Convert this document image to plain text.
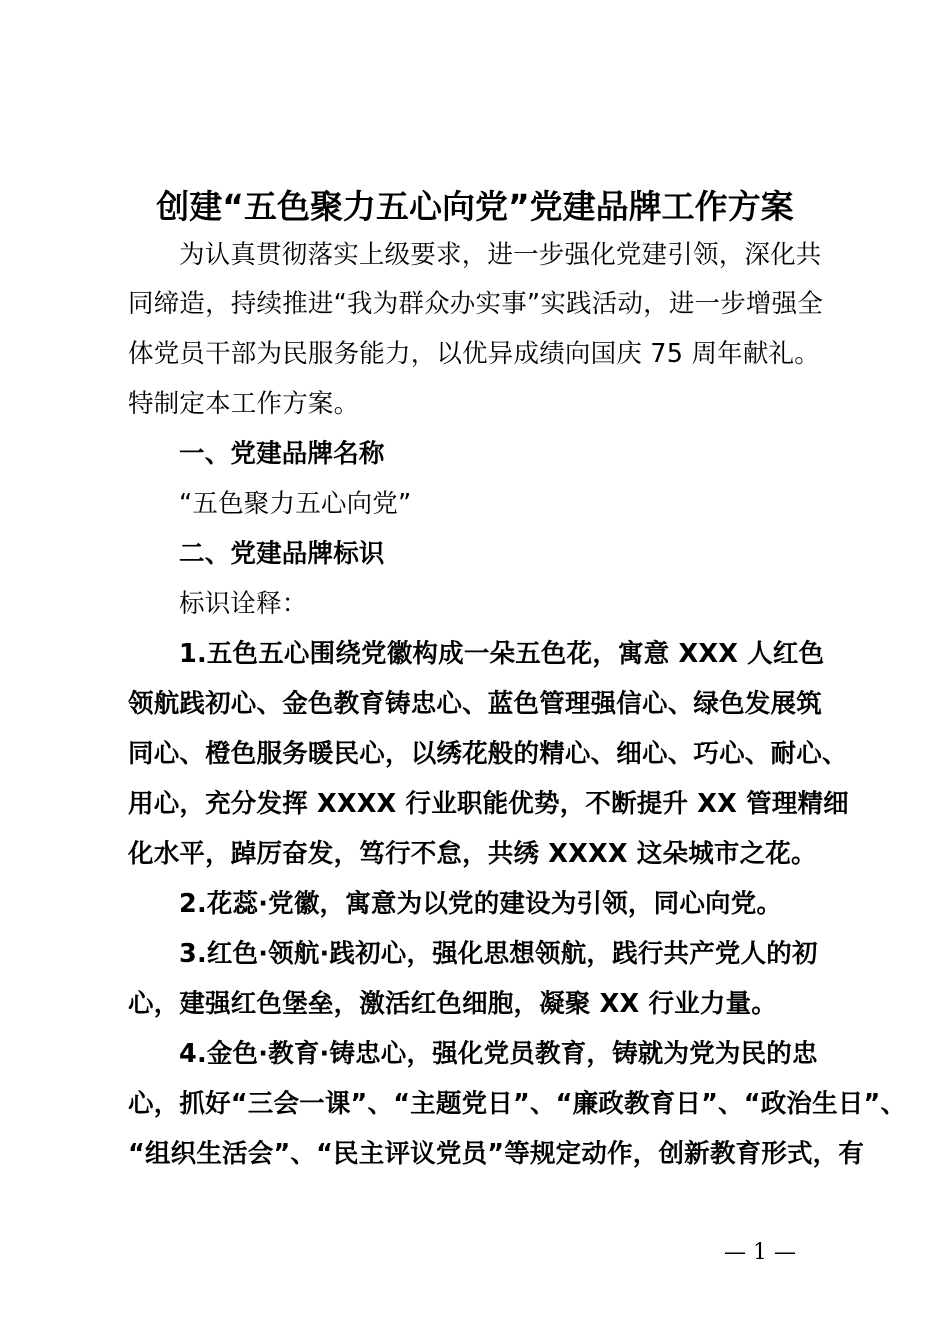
创建“五色聚力五心向党”党建品牌工作方案
为认真贯彻落实上级要求，进一步强化党建引领，深化共
同缔造，持续推进“我为群众办实事”实践活动，进一步增强全
体党员干部为民服务能力，以优异成绩向国庆 75 周年献礼。
特制定本工作方案。
一、党建品牌名称
“五色聚力五心向党”
二、党建品牌标识
标识诠释：
1.五色五心围绕党徽构成一朵五色花，寓意 XXX 人红色
领航践初心、金色教育铸忠心、蓝色管理强信心、绿色发展筑
同心、橙色服务暖民心，以绣花般的精心、细心、巧心、耐心、
用心，充分发挥 XXXX 行业职能优势，不断提升 XX 管理精细
化水平，踔厉奋发，笃行不怠，共绣 XXXX 这朵城市之花。
2.花蕊·党徽，寓意为以党的建设为引领，同心向党。
3.红色·领航·践初心，强化思想领航，践行共产党人的初
心，建强红色堡垒，激活红色细胞，凝聚 XX 行业力量。
4.金色·教育·铸忠心，强化党员教育，铸就为党为民的忠
心，抓好“三会一课”、“主题党日”、“廉政教育日”、“政治生日”、
“组织生活会”、“民主评议党员”等规定动作，创新教育形式，有
— 1 —
